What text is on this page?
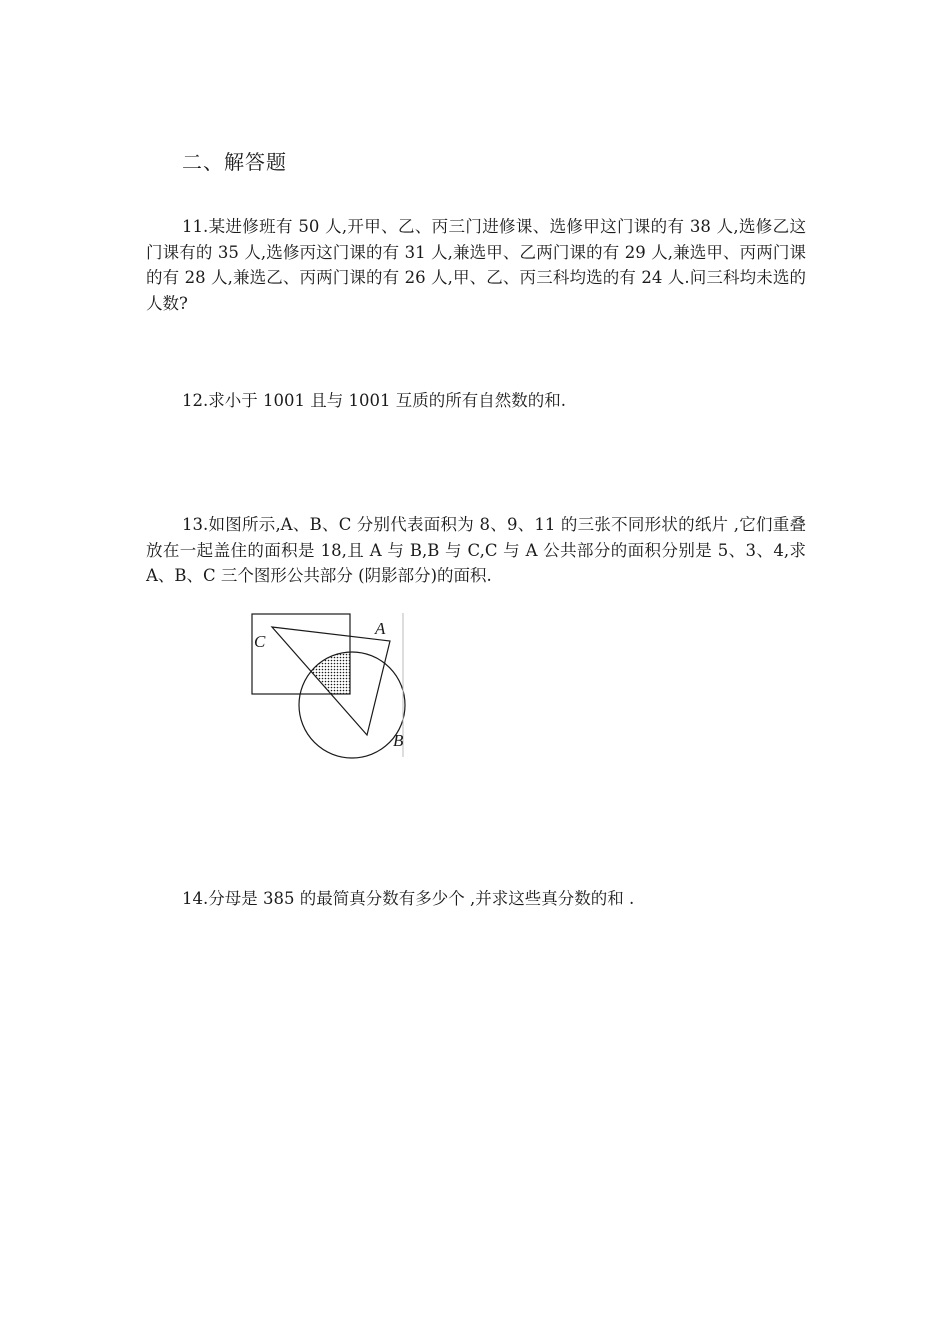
二、解答题
11.某进修班有 50 人,开甲、乙、丙三门进修课、选修甲这门课的有 38 人,选修乙这门课有的 35 人,选修丙这门课的有 31 人,兼选甲、乙两门课的有 29 人,兼选甲、丙两门课的有 28 人,兼选乙、丙两门课的有 26 人,甲、乙、丙三科均选的有 24 人.问三科均未选的人数?
12.求小于 1001 且与 1001 互质的所有自然数的和.
13.如图所示,A、B、C 分别代表面积为 8、9、11 的三张不同形状的纸片 ,它们重叠放在一起盖住的面积是 18,且 A 与 B,B 与 C,C 与 A 公共部分的面积分别是 5、3、4,求 A、B、C 三个图形公共部分 (阴影部分)的面积.
C
A
B
14.分母是 385 的最简真分数有多少个 ,并求这些真分数的和 .
